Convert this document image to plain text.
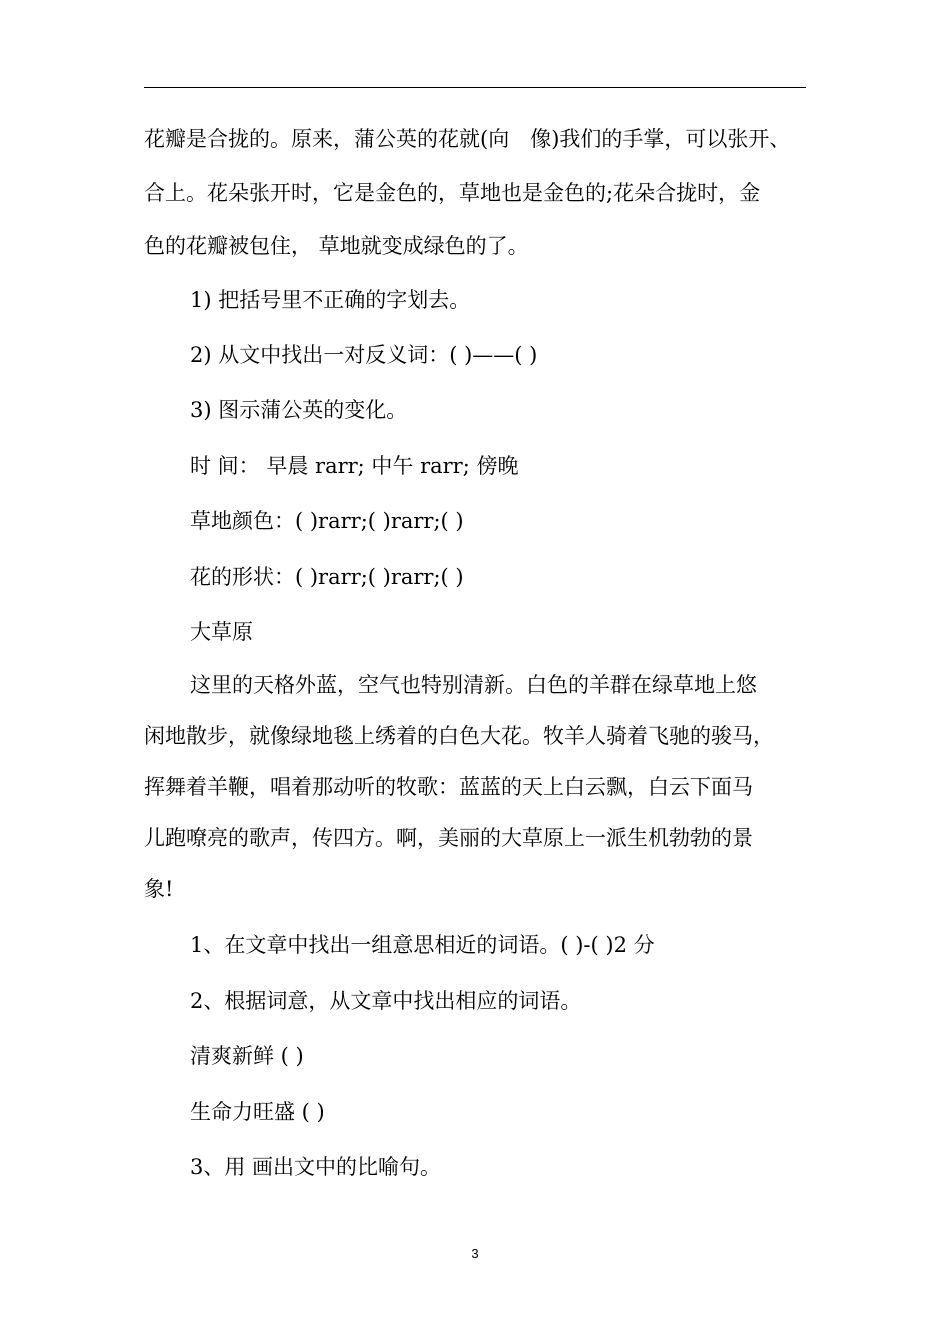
花瓣是合拢的。原来，蒲公英的花就(向　像)我们的手掌，可以张开、
合上。花朵张开时，它是金色的，草地也是金色的;花朵合拢时，金
色的花瓣被包住， 草地就变成绿色的了。
1) 把括号里不正确的字划去。
2) 从文中找出一对反义词：( )——( )
3) 图示蒲公英的变化。
时 间： 早晨 rarr; 中午 rarr; 傍晚
草地颜色：( )rarr;( )rarr;( )
花的形状：( )rarr;( )rarr;( )
大草原
这里的天格外蓝，空气也特别清新。白色的羊群在绿草地上悠
闲地散步，就像绿地毯上绣着的白色大花。牧羊人骑着飞驰的骏马，
挥舞着羊鞭，唱着那动听的牧歌：蓝蓝的天上白云飘，白云下面马
儿跑嘹亮的歌声，传四方。啊，美丽的大草原上一派生机勃勃的景
象!
1、在文章中找出一组意思相近的词语。( )-( )2 分
2、根据词意，从文章中找出相应的词语。
清爽新鲜 ( )
生命力旺盛 ( )
3、用 画出文中的比喻句。
3
